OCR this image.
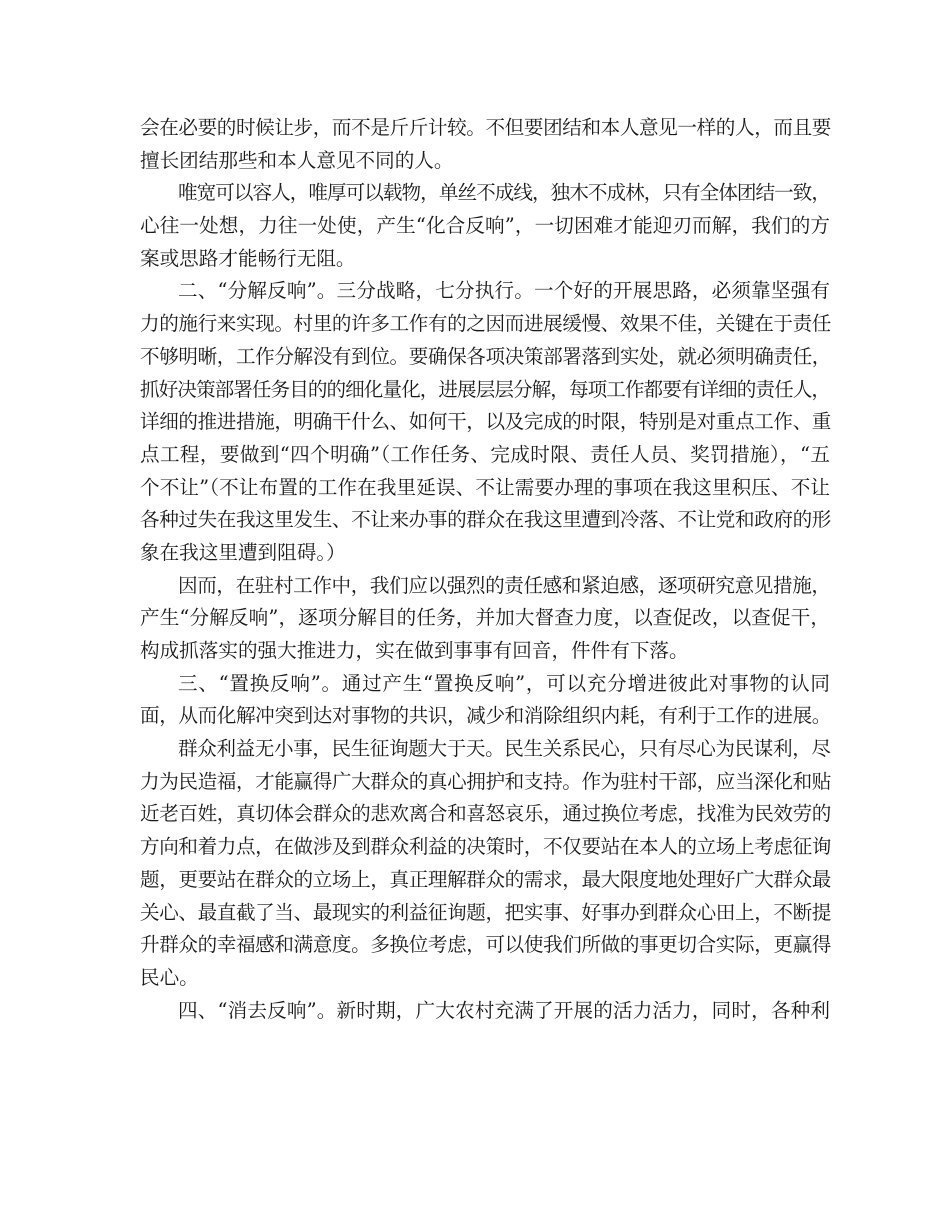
会在必要的时候让步，而不是斤斤计较。不但要团结和本人意见一样的人，而且要
擅长团结那些和本人意见不同的人。
唯宽可以容人，唯厚可以载物，单丝不成线，独木不成林，只有全体团结一致，
心往一处想，力往一处使，产生“化合反响”，一切困难才能迎刃而解，我们的方
案或思路才能畅行无阻。
二、“分解反响”。三分战略，七分执行。一个好的开展思路，必须靠坚强有
力的施行来实现。村里的许多工作有的之因而进展缓慢、效果不佳，关键在于责任
不够明晰，工作分解没有到位。要确保各项决策部署落到实处，就必须明确责任，
抓好决策部署任务目的的细化量化，进展层层分解，每项工作都要有详细的责任人，
详细的推进措施，明确干什么、如何干，以及完成的时限，特别是对重点工作、重
点工程，要做到“四个明确”（工作任务、完成时限、责任人员、奖罚措施），“五
个不让”（不让布置的工作在我里延误、不让需要办理的事项在我这里积压、不让
各种过失在我这里发生、不让来办事的群众在我这里遭到冷落、不让党和政府的形
象在我这里遭到阻碍。）
因而，在驻村工作中，我们应以强烈的责任感和紧迫感，逐项研究意见措施，
产生“分解反响”，逐项分解目的任务，并加大督查力度，以查促改，以查促干，
构成抓落实的强大推进力，实在做到事事有回音，件件有下落。
三、“置换反响”。通过产生“置换反响”，可以充分增进彼此对事物的认同
面，从而化解冲突到达对事物的共识，减少和消除组织内耗，有利于工作的进展。
群众利益无小事，民生征询题大于天。民生关系民心，只有尽心为民谋利，尽
力为民造福，才能赢得广大群众的真心拥护和支持。作为驻村干部，应当深化和贴
近老百姓，真切体会群众的悲欢离合和喜怒哀乐，通过换位考虑，找准为民效劳的
方向和着力点，在做涉及到群众利益的决策时，不仅要站在本人的立场上考虑征询
题，更要站在群众的立场上，真正理解群众的需求，最大限度地处理好广大群众最
关心、最直截了当、最现实的利益征询题，把实事、好事办到群众心田上，不断提
升群众的幸福感和满意度。多换位考虑，可以使我们所做的事更切合实际，更赢得
民心。
四、“消去反响”。新时期，广大农村充满了开展的活力活力，同时，各种利
